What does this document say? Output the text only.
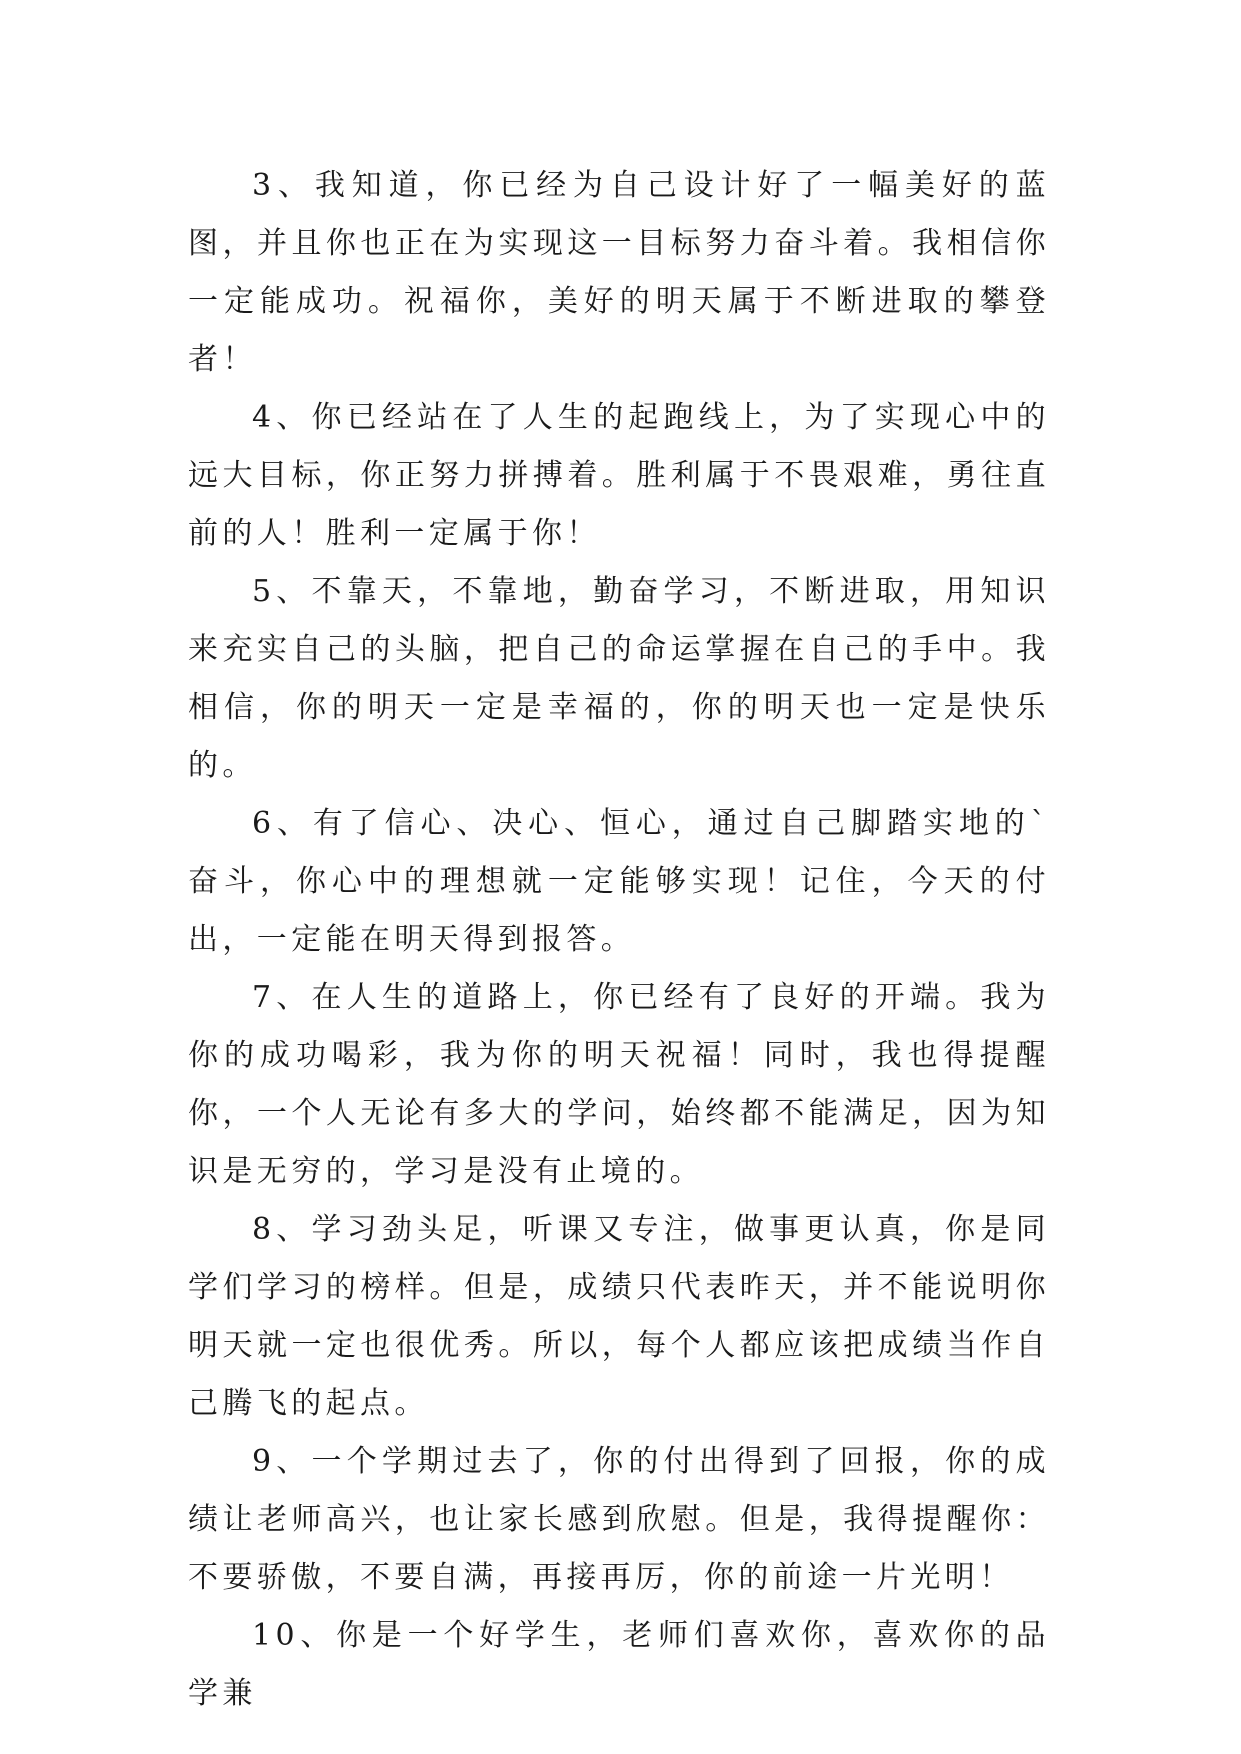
3、我知道，你已经为自己设计好了一幅美好的蓝图，并且你也正在为实现这一目标努力奋斗着。我相信你一定能成功。祝福你，美好的明天属于不断进取的攀登者！

4、你已经站在了人生的起跑线上，为了实现心中的远大目标，你正努力拼搏着。胜利属于不畏艰难，勇往直前的人！胜利一定属于你！

5、不靠天，不靠地，勤奋学习，不断进取，用知识来充实自己的头脑，把自己的命运掌握在自己的手中。我相信，你的明天一定是幸福的，你的明天也一定是快乐的。

6、有了信心、决心、恒心，通过自己脚踏实地的`奋斗，你心中的理想就一定能够实现！记住，今天的付出，一定能在明天得到报答。

7、在人生的道路上，你已经有了良好的开端。我为你的成功喝彩，我为你的明天祝福！同时，我也得提醒你，一个人无论有多大的学问，始终都不能满足，因为知识是无穷的，学习是没有止境的。

8、学习劲头足，听课又专注，做事更认真，你是同学们学习的榜样。但是，成绩只代表昨天，并不能说明你明天就一定也很优秀。所以，每个人都应该把成绩当作自己腾飞的起点。

9、一个学期过去了，你的付出得到了回报，你的成绩让老师高兴，也让家长感到欣慰。但是，我得提醒你：不要骄傲，不要自满，再接再厉，你的前途一片光明！

10、你是一个好学生，老师们喜欢你，喜欢你的品学兼
